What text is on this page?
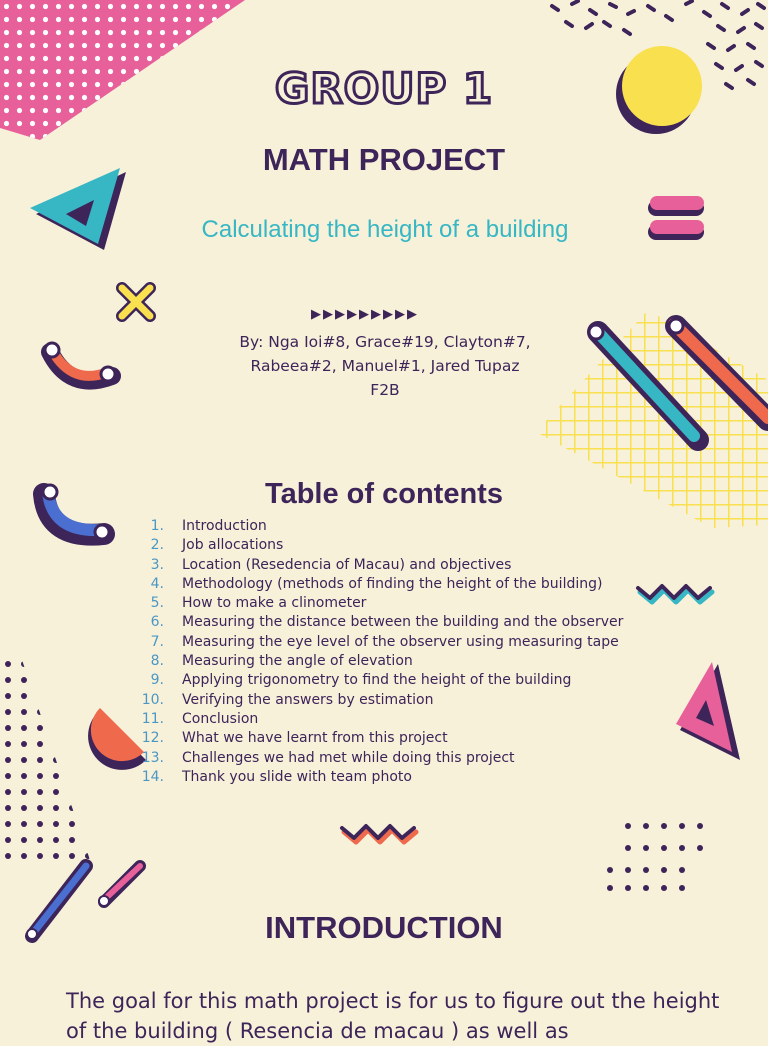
GROUP 1
MATH PROJECT
Calculating the height of a building
▶▶▶▶▶▶▶▶▶
By: Nga Ioi#8, Grace#19, Clayton#7,
Rabeea#2, Manuel#1, Jared Tupaz
F2B
Table of contents
1. Introduction
2. Job allocations
3. Location (Resedencia of Macau) and objectives
4. Methodology (methods of finding the height of the building)
5. How to make a clinometer
6. Measuring the distance between the building and the observer
7. Measuring the eye level of the observer using measuring tape
8. Measuring the angle of elevation
9. Applying trigonometry to find the height of the building
10. Verifying the answers by estimation
11. Conclusion
12. What we have learnt from this project
13. Challenges we had met while doing this project
14. Thank you slide with team photo
INTRODUCTION
The goal for this math project is for us to figure out the height of the building ( Resencia de macau ) as well as
